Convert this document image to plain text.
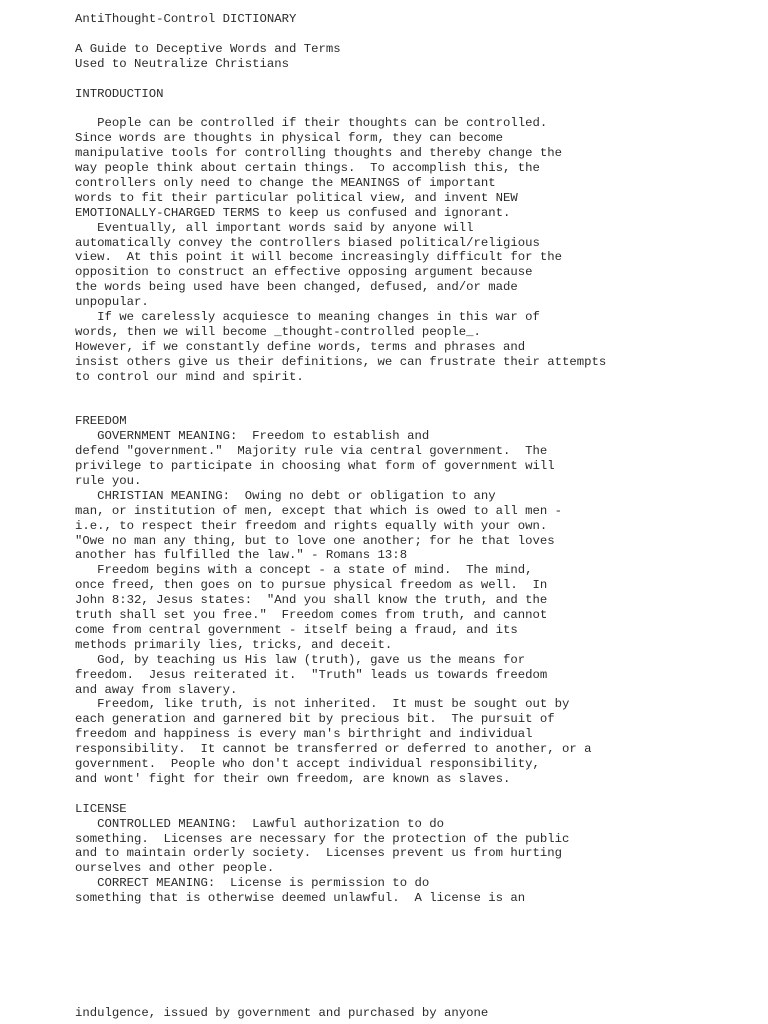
AntiThought-Control DICTIONARY
A Guide to Deceptive Words and Terms
Used to Neutralize Christians
INTRODUCTION
People can be controlled if their thoughts can be controlled.
Since words are thoughts in physical form, they can become
manipulative tools for controlling thoughts and thereby change the
way people think about certain things.  To accomplish this, the
controllers only need to change the MEANINGS of important
words to fit their particular political view, and invent NEW
EMOTIONALLY-CHARGED TERMS to keep us confused and ignorant.
Eventually, all important words said by anyone will
automatically convey the controllers biased political/religious
view.  At this point it will become increasingly difficult for the
opposition to construct an effective opposing argument because
the words being used have been changed, defused, and/or made
unpopular.
If we carelessly acquiesce to meaning changes in this war of
words, then we will become _thought-controlled people_.
However, if we constantly define words, terms and phrases and
insist others give us their definitions, we can frustrate their attempts
to control our mind and spirit.
FREEDOM
GOVERNMENT MEANING:  Freedom to establish and
defend "government."  Majority rule via central government.  The
privilege to participate in choosing what form of government will
rule you.
CHRISTIAN MEANING:  Owing no debt or obligation to any
man, or institution of men, except that which is owed to all men -
i.e., to respect their freedom and rights equally with your own.
"Owe no man any thing, but to love one another; for he that loves
another has fulfilled the law." - Romans 13:8
Freedom begins with a concept - a state of mind.  The mind,
once freed, then goes on to pursue physical freedom as well.  In
John 8:32, Jesus states:  "And you shall know the truth, and the
truth shall set you free."  Freedom comes from truth, and cannot
come from central government - itself being a fraud, and its
methods primarily lies, tricks, and deceit.
God, by teaching us His law (truth), gave us the means for
freedom.  Jesus reiterated it.  "Truth" leads us towards freedom
and away from slavery.
Freedom, like truth, is not inherited.  It must be sought out by
each generation and garnered bit by precious bit.  The pursuit of
freedom and happiness is every man's birthright and individual
responsibility.  It cannot be transferred or deferred to another, or a
government.  People who don't accept individual responsibility,
and wont' fight for their own freedom, are known as slaves.
LICENSE
CONTROLLED MEANING:  Lawful authorization to do
something.  Licenses are necessary for the protection of the public
and to maintain orderly society.  Licenses prevent us from hurting
ourselves and other people.
CORRECT MEANING:  License is permission to do
something that is otherwise deemed unlawful.  A license is an
indulgence, issued by government and purchased by anyone
